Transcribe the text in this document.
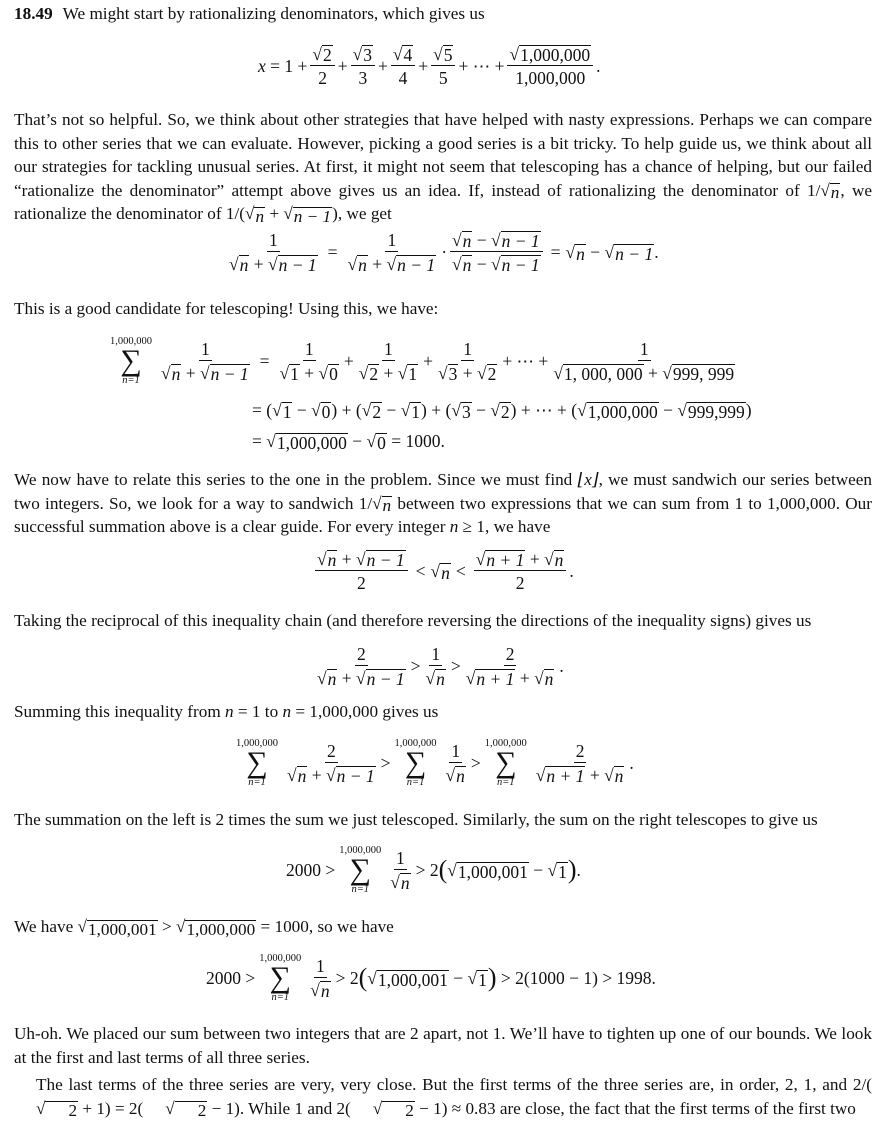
18.49 We might start by rationalizing denominators, which gives us
x
= $1 + \frac{√ 2}{2} + \frac{√ 3}{3} + \frac{√ 4}{4} + \frac{√ 5}{5}$ + ⋯ + $\frac{√ 1,000,000}{1,000,000}$ .
That’s not so helpful. So, we think about other strategies that have helped with nasty expressions. Perhaps we can compare this to other series that we can evaluate. However, picking a good series is a bit tricky. To help guide us, we think about all our strategies for tackling unusual series. At first, it might not seem that telescoping has a chance of helping, but our failed “rationalize the denominator” attempt above gives us an idea. If, instead of rationalizing the denominator of 1/ √ n , we rationalize the denominator of 1/( √ n + √ n − 1 ), we get
$\frac{1}{√ n + √ n - 1} = \frac{1}{√ n + √ n - 1} \cdot \frac{√ n - √ n - 1}{√ n - √ n - 1}$ = √ n
−
√ n − 1 .
This is a good candidate for telescoping! Using this, we have:
1,000,000
∑
$n=1 \frac{1}{√ n + √ n - 1} = \frac{1}{√ 1 + √ 0} + \frac{1}{√ 2 + √ 1} + \frac{1}{√ 3 + √ 2}$ + ⋯ + $\frac{1}{√ 1, 000, 000 + √ 999, 999}$
= ( √ 1
−
√ 0 ) + ( √ 2
−
√ 1 ) + ( √ 3
−
√ 2 ) + ⋯ + ( √ 1,000,000
−
√ 999,999 )
=
√ 1,000,000
−
√ 0
= 1000.
We now have to relate this series to the one in the problem. Since we must find ⌊x⌋, we must sandwich our series between two integers. So, we look for a way to sandwich 1/ √ n between two expressions that we can sum from 1 to 1,000,000. Our successful summation above is a clear guide. For every integer n ≥ 1, we have
$\frac{√ n + √ n - 1}{2}$ < √ $n < \frac{√ n + 1 + √ n}{2}$ .
Taking the reciprocal of this inequality chain (and therefore reversing the directions of the inequality signs) gives us
$\frac{2}{√ n + √ n - 1} > \frac{1}{√ n} > \frac{2}{√ n + 1 + √ n}$ .
Summing this inequality from n = 1 to n = 1,000,000 gives us
1,000,000
∑
$n=1 \frac{2}{√ n + √ n - 1}$ >
1,000,000
∑
$n=1 \frac{1}{√ n}$ >
1,000,000
∑
$n=1 \frac{2}{√ n + 1 + √ n}$ .
The summation on the left is 2 times the sum we just telescoped. Similarly, the sum on the right telescopes to give us
2000 >
1,000,000
∑
$n=1 \frac{1}{√ n} > 2$ ( √ 1,000,001
−
√ 1 ) .
We have √ 1,000,001 > √ 1,000,000 = 1000, so we have
2000 >
1,000,000
∑
$n=1 \frac{1}{√ n} > 2$ ( √ 1,000,001
−
√ 1 )
> 2(1000 − 1) > 1998.
Uh-oh. We placed our sum between two integers that are 2 apart, not 1. We’ll have to tighten up one of our bounds. We look at the first and last terms of all three series.
The last terms of the three series are very, very close. But the first terms of the three series are, in order, 2, 1, and 2/(
√	2 + 1) = 2(	√	2 − 1). While 1 and 2(	√	2 − 1) ≈ 0.83 are close, the fact that the first terms of the first two
